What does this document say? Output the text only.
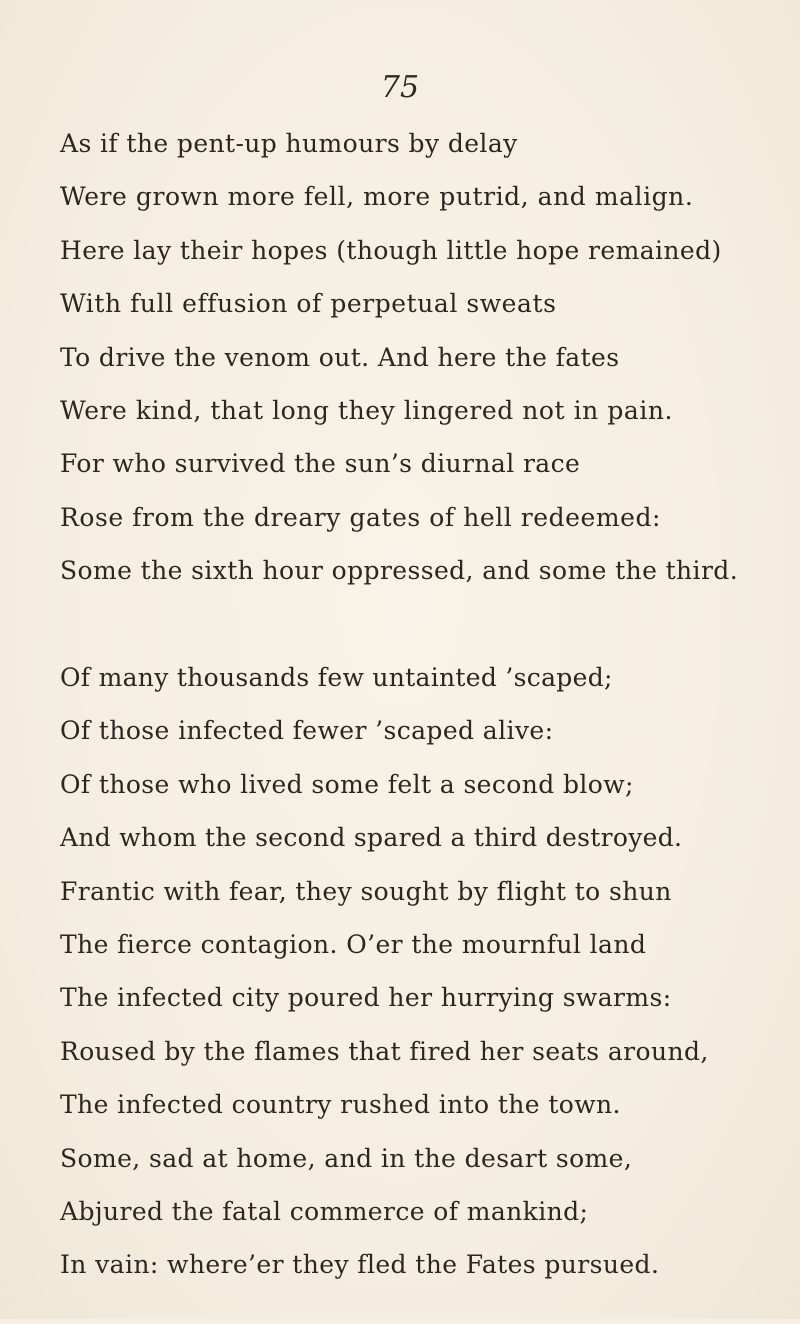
75
As if the pent-up humours by delay
Were grown more fell, more putrid, and malign.
Here lay their hopes (though little hope remained)
With full effusion of perpetual sweats
To drive the venom out. And here the fates
Were kind, that long they lingered not in pain.
For who survived the sun’s diurnal race
Rose from the dreary gates of hell redeemed:
Some the sixth hour oppressed, and some the third.
Of many thousands few untainted ’scaped;
Of those infected fewer ’scaped alive:
Of those who lived some felt a second blow;
And whom the second spared a third destroyed.
Frantic with fear, they sought by flight to shun
The fierce contagion. O’er the mournful land
The infected city poured her hurrying swarms:
Roused by the flames that fired her seats around,
The infected country rushed into the town.
Some, sad at home, and in the desart some,
Abjured the fatal commerce of mankind;
In vain: where’er they fled the Fates pursued.
